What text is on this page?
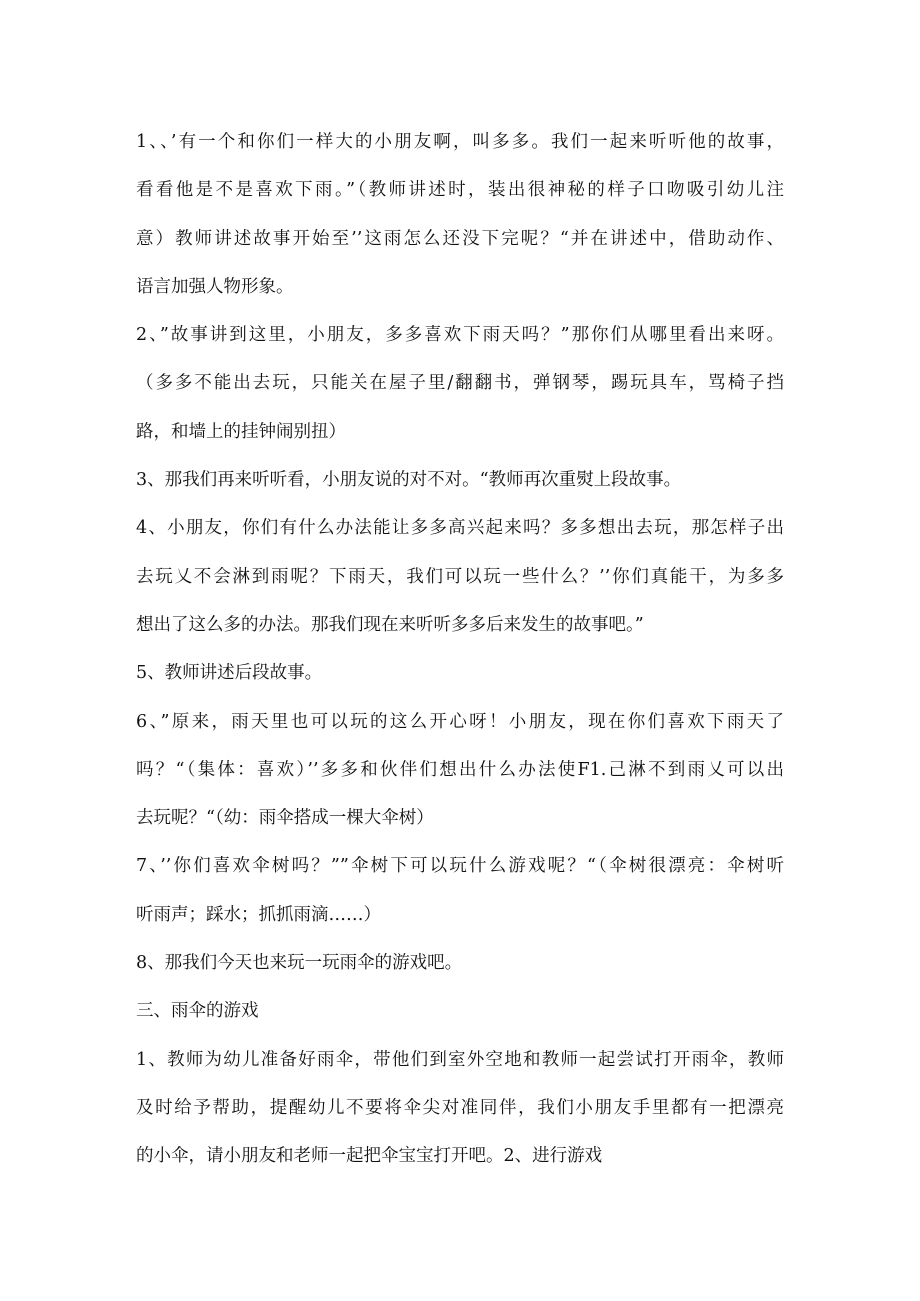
1、、’有一个和你们一样大的小朋友啊，叫多多。我们一起来听听他的故事，
看看他是不是喜欢下雨。”（教师讲述时，装出很神秘的样子口吻吸引幼儿注
意）教师讲述故事开始至’’这雨怎么还没下完呢？“并在讲述中，借助动作、
语言加强人物形象。
2、”故事讲到这里，小朋友，多多喜欢下雨天吗？”那你们从哪里看出来呀。
（多多不能出去玩，只能关在屋子里/翻翻书，弹钢琴，踢玩具车，骂椅子挡
路，和墙上的挂钟闹别扭）
3、那我们再来听听看，小朋友说的对不对。“教师再次重熨上段故事。
4、小朋友，你们有什么办法能让多多高兴起来吗？多多想出去玩，那怎样子出
去玩乂不会淋到雨呢？下雨天，我们可以玩一些什么？’’你们真能干，为多多
想出了这么多的办法。那我们现在来听听多多后来发生的故事吧。”
5、教师讲述后段故事。
6、”原来，雨天里也可以玩的这么开心呀！小朋友，现在你们喜欢下雨天了
吗？“（集体：喜欢）’’多多和伙伴们想出什么办法使F1.己淋不到雨乂可以出
去玩呢？“（幼：雨伞搭成一棵大伞树）
7、’’你们喜欢伞树吗？””伞树下可以玩什么游戏呢？“（伞树很漂亮：伞树听
听雨声；踩水；抓抓雨滴……）
8、那我们今天也来玩一玩雨伞的游戏吧。
三、雨伞的游戏
1、教师为幼儿准备好雨伞，带他们到室外空地和教师一起尝试打开雨伞，教师
及时给予帮助，提醒幼儿不要将伞尖对准同伴，我们小朋友手里都有一把漂亮
的小伞，请小朋友和老师一起把伞宝宝打开吧。2、进行游戏
